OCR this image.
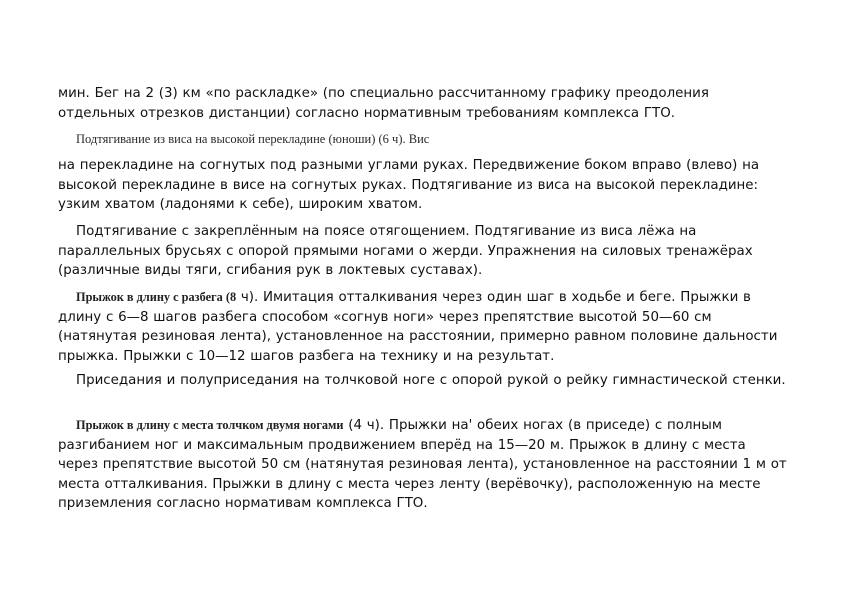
мин. Бег на 2 (3) км «по раскладке» (по специально рассчитанному графику преодоления отдельных отрезков дистанции) согласно нормативным требованиям комплекса ГТО.

Подтягивание из виса на высокой перекладине (юноши) (6 ч). Вис

на перекладине на согнутых под разными углами руках. Передвижение боком вправо (влево) на высокой перекладине в висе на согнутых руках. Подтягивание из виса на высокой перекладине: узким хватом (ладонями к себе), широким хватом.

Подтягивание с закреплённым на поясе отягощением. Подтягивание из виса лёжа на параллельных брусьях с опорой прямыми ногами о жерди. Упражнения на силовых тренажёрах (различные виды тяги, сгибания рук в локтевых суставах).

Прыжок в длину с разбега (8 ч). Имитация отталкивания через один шаг в ходьбе и беге. Прыжки в длину с 6—8 шагов разбега способом «согнув ноги» через препятствие высотой 50—60 см (натянутая резиновая лента), установленное на расстоянии, примерно равном половине дальности прыжка. Прыжки с 10—12 шагов разбега на технику и на результат.

Приседания и полуприседания на толчковой ноге с опорой рукой о рейку гимнастической стенки.

Прыжок в длину с места толчком двумя ногами (4 ч). Прыжки на' обеих ногах (в приседе) с полным разгибанием ног и максимальным продвижением вперёд на 15—20 м. Прыжок в длину с места через препятствие высотой 50 см (натянутая резиновая лента), установленное на расстоянии 1 м от места отталкивания. Прыжки в длину с места через ленту (верёвочку), расположенную на месте приземления согласно нормативам комплекса ГТО.
